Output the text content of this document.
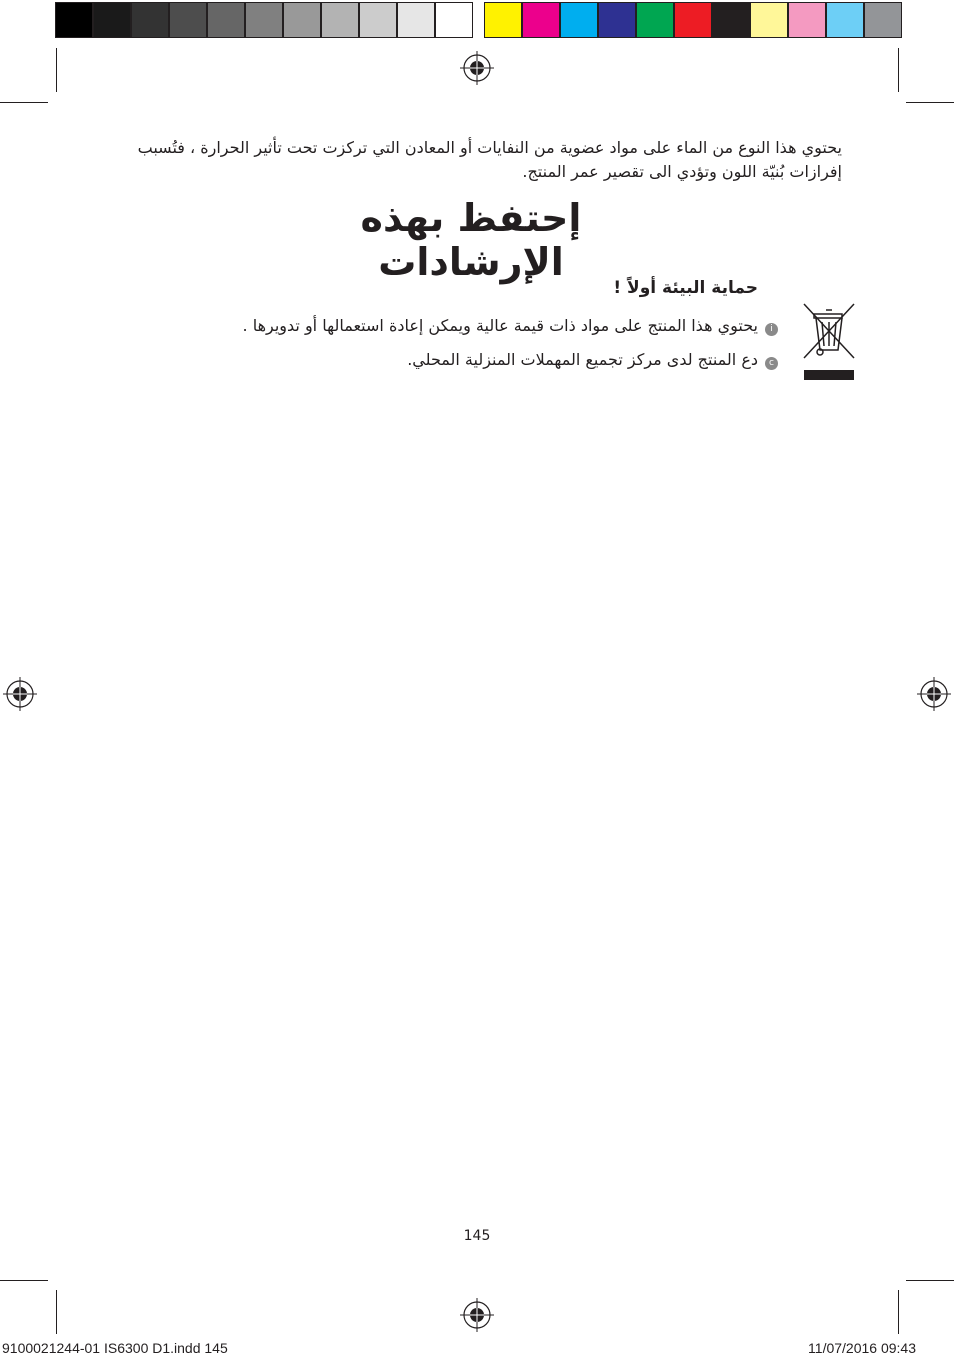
يحتوي هذا النوع من الماء على مواد عضوية من النفايات أو المعادن التي تركزت تحت تأثير الحرارة ، فتُسبب
إفرازات بُنيّة اللون وتؤدي الى تقصير عمر المنتج.
إحتفظ بهذه الإرشادات
حماية البيئة أولاً !
i
يحتوي هذا المنتج على مواد ذات قيمة عالية ويمكن إعادة استعمالها أو تدويرها .
c
دع المنتج لدى مركز تجميع المهملات المنزلية المحلي.
145
9100021244-01 IS6300 D1.indd 145	11/07/2016 09:43
